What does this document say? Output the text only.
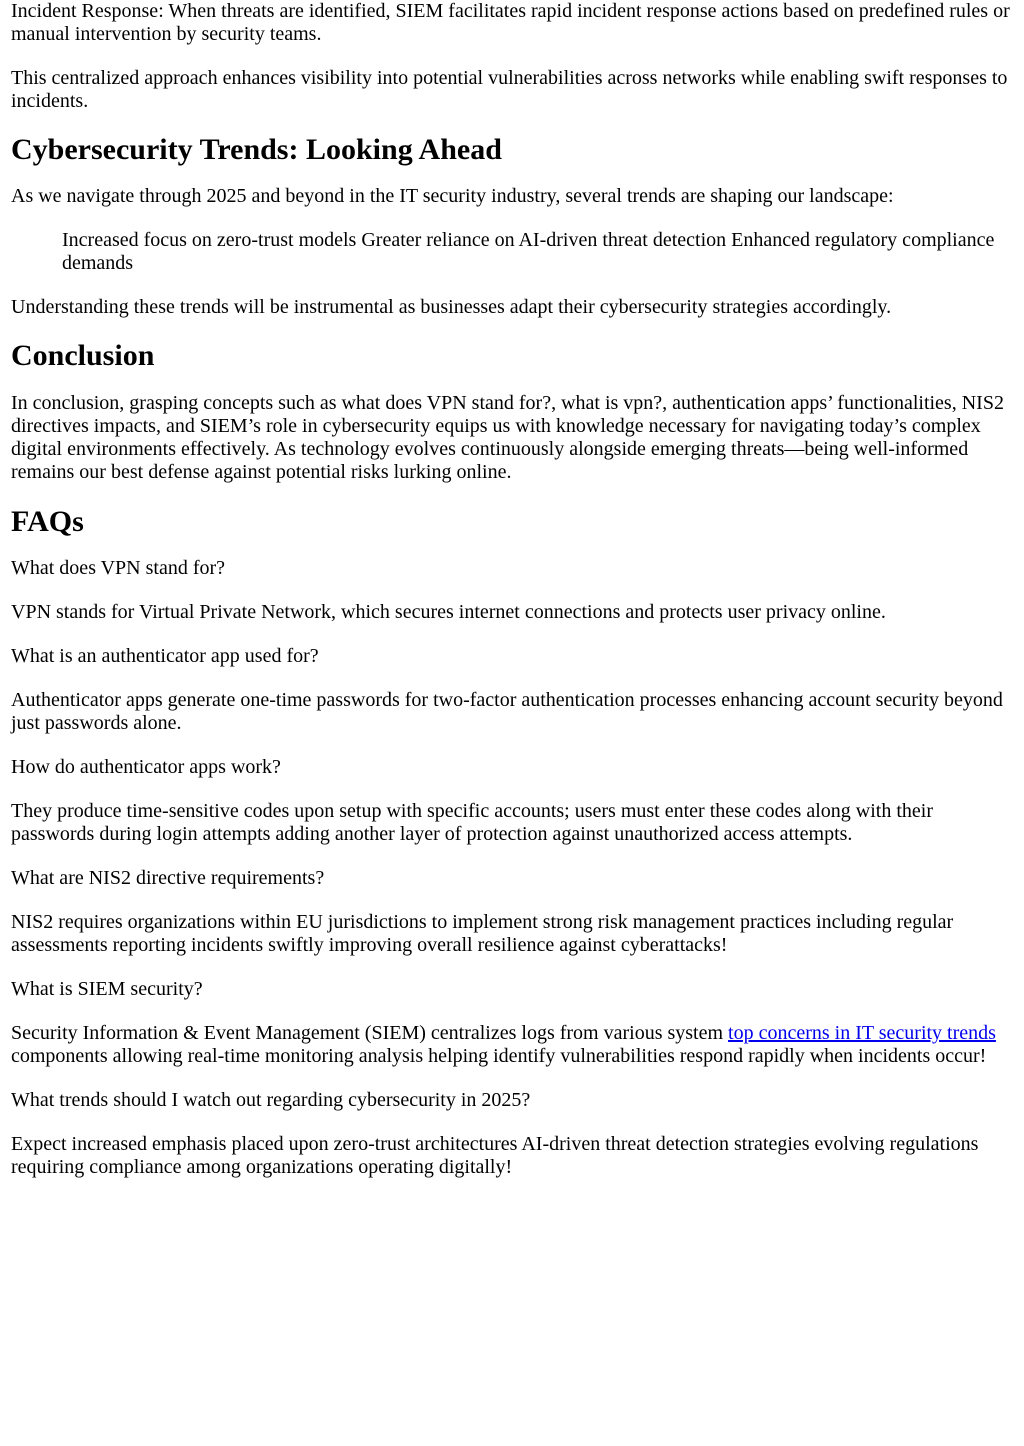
Incident Response: When threats are identified, SIEM facilitates rapid incident response actions based on predefined rules or manual intervention by security teams.

This centralized approach enhances visibility into potential vulnerabilities across networks while enabling swift responses to incidents.

Cybersecurity Trends: Looking Ahead

As we navigate through 2025 and beyond in the IT security industry, several trends are shaping our landscape:

Increased focus on zero-trust models Greater reliance on AI-driven threat detection Enhanced regulatory compliance demands

Understanding these trends will be instrumental as businesses adapt their cybersecurity strategies accordingly.

Conclusion

In conclusion, grasping concepts such as what does VPN stand for?, what is vpn?, authentication apps’ functionalities, NIS2 directives impacts, and SIEM’s role in cybersecurity equips us with knowledge necessary for navigating today’s complex digital environments effectively. As technology evolves continuously alongside emerging threats—being well-informed remains our best defense against potential risks lurking online.

FAQs

What does VPN stand for?

VPN stands for Virtual Private Network, which secures internet connections and protects user privacy online.

What is an authenticator app used for?

Authenticator apps generate one-time passwords for two-factor authentication processes enhancing account security beyond just passwords alone.

How do authenticator apps work?

They produce time-sensitive codes upon setup with specific accounts; users must enter these codes along with their passwords during login attempts adding another layer of protection against unauthorized access attempts.

What are NIS2 directive requirements?

NIS2 requires organizations within EU jurisdictions to implement strong risk management practices including regular assessments reporting incidents swiftly improving overall resilience against cyberattacks!

What is SIEM security?

Security Information & Event Management (SIEM) centralizes logs from various system top concerns in IT security trends components allowing real-time monitoring analysis helping identify vulnerabilities respond rapidly when incidents occur!

What trends should I watch out regarding cybersecurity in 2025?

Expect increased emphasis placed upon zero-trust architectures AI-driven threat detection strategies evolving regulations requiring compliance among organizations operating digitally!
